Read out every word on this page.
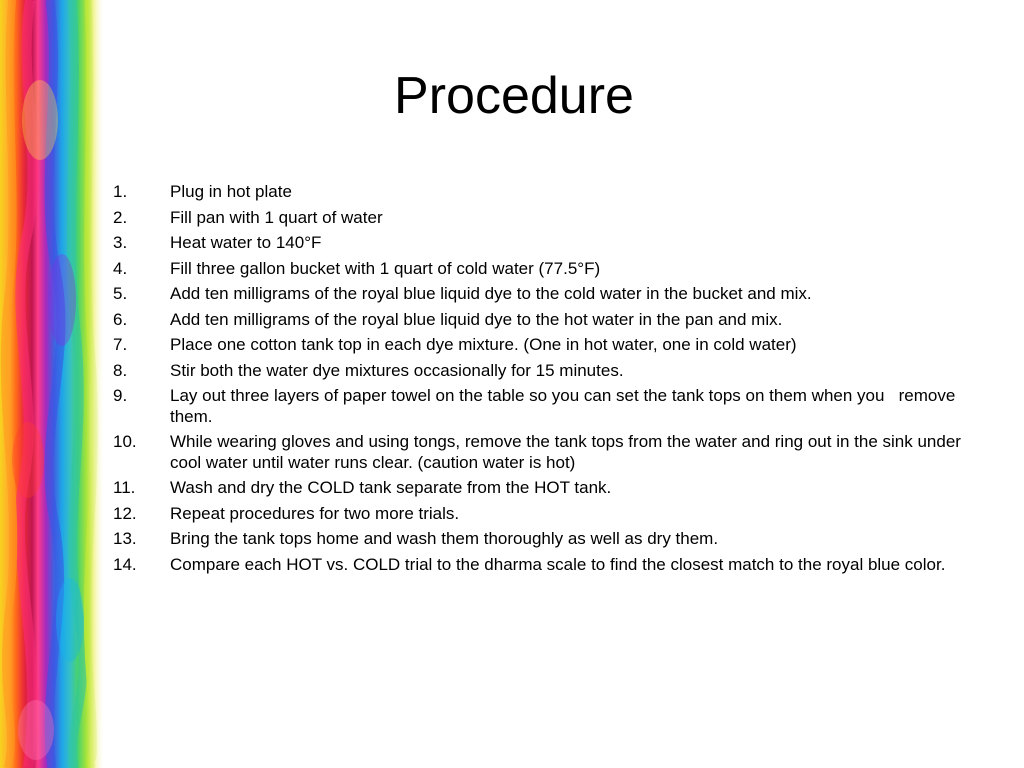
Procedure
1.	Plug in hot plate
2.	Fill pan with 1 quart of water
3.	Heat water to 140°F
4.	Fill three gallon bucket with 1 quart of cold water (77.5°F)
5.	Add ten milligrams of the royal blue liquid dye to the cold water in the bucket and mix.
6.	Add ten milligrams of the royal blue liquid dye to the hot water in the pan and mix.
7.	Place one cotton tank top in each dye mixture. (One in hot water, one in cold water)
8.	Stir both the water dye mixtures occasionally for 15 minutes.
9.	Lay out three layers of paper towel on the table so you can set the tank tops on them when you   remove them.
10.	While wearing gloves and using tongs, remove the tank tops from the water and ring out in the sink under cool water until water runs clear. (caution water is hot)
11.	Wash and dry the COLD tank separate from the HOT tank.
12.	Repeat procedures for two more trials.
13.	Bring the tank tops home and wash them thoroughly as well as dry them.
14.	Compare each HOT vs. COLD trial to the dharma scale to find the closest match to the royal blue color.
